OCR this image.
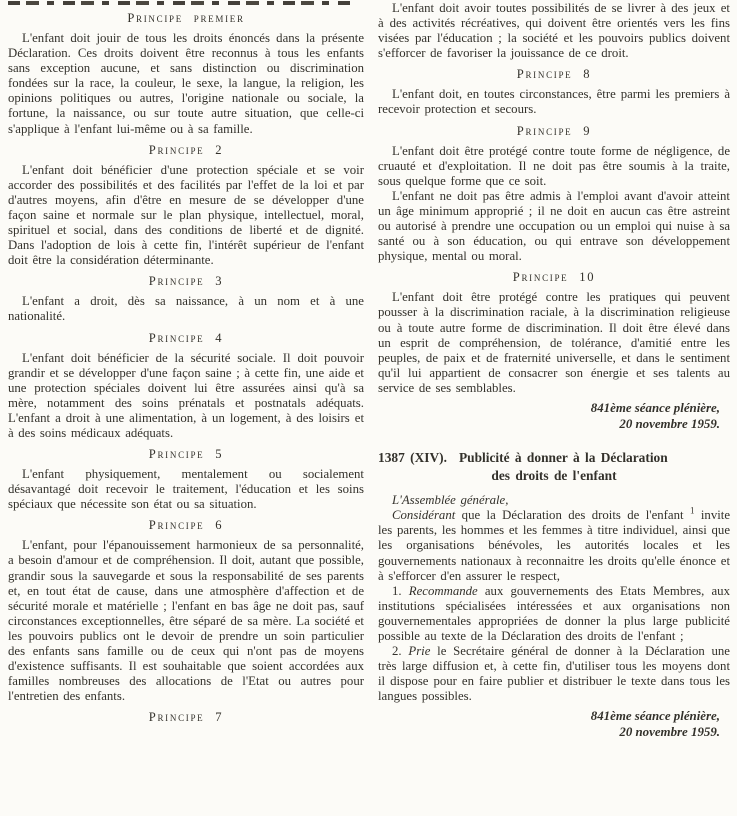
Principe premier

L'enfant doit jouir de tous les droits énoncés dans la présente Déclaration. Ces droits doivent être reconnus à tous les enfants sans exception aucune, et sans distinction ou discrimination fondées sur la race, la couleur, le sexe, la langue, la religion, les opinions politiques ou autres, l'origine nationale ou sociale, la fortune, la naissance, ou sur toute autre situation, que celle-ci s'applique à l'enfant lui-même ou à sa famille.

Principe 2

L'enfant doit bénéficier d'une protection spéciale et se voir accorder des possibilités et des facilités par l'effet de la loi et par d'autres moyens, afin d'être en mesure de se développer d'une façon saine et normale sur le plan physique, intellectuel, moral, spirituel et social, dans des conditions de liberté et de dignité. Dans l'adoption de lois à cette fin, l'intérêt supérieur de l'enfant doit être la considération déterminante.

Principe 3

L'enfant a droit, dès sa naissance, à un nom et à une nationalité.

Principe 4

L'enfant doit bénéficier de la sécurité sociale. Il doit pouvoir grandir et se développer d'une façon saine ; à cette fin, une aide et une protection spéciales doivent lui être assurées ainsi qu'à sa mère, notamment des soins prénatals et postnatals adéquats. L'enfant a droit à une alimentation, à un logement, à des loisirs et à des soins médicaux adéquats.

Principe 5

L'enfant physiquement, mentalement ou socialement désavantagé doit recevoir le traitement, l'éducation et les soins spéciaux que nécessite son état ou sa situation.

Principe 6

L'enfant, pour l'épanouissement harmonieux de sa personnalité, a besoin d'amour et de compréhension. Il doit, autant que possible, grandir sous la sauvegarde et sous la responsabilité de ses parents et, en tout état de cause, dans une atmosphère d'affection et de sécurité morale et matérielle ; l'enfant en bas âge ne doit pas, sauf circonstances exceptionnelles, être séparé de sa mère. La société et les pouvoirs publics ont le devoir de prendre un soin particulier des enfants sans famille ou de ceux qui n'ont pas de moyens d'existence suffisants. Il est souhaitable que soient accordées aux familles nombreuses des allocations de l'Etat ou autres pour l'entretien des enfants.

Principe 7

L'enfant doit avoir toutes possibilités de se livrer à des jeux et à des activités récréatives, qui doivent être orientés vers les fins visées par l'éducation ; la société et les pouvoirs publics doivent s'efforcer de favoriser la jouissance de ce droit.

Principe 8

L'enfant doit, en toutes circonstances, être parmi les premiers à recevoir protection et secours.

Principe 9

L'enfant doit être protégé contre toute forme de négligence, de cruauté et d'exploitation. Il ne doit pas être soumis à la traite, sous quelque forme que ce soit.

L'enfant ne doit pas être admis à l'emploi avant d'avoir atteint un âge minimum approprié ; il ne doit en aucun cas être astreint ou autorisé à prendre une occupation ou un emploi qui nuise à sa santé ou à son éducation, ou qui entrave son développement physique, mental ou moral.

Principe 10

L'enfant doit être protégé contre les pratiques qui peuvent pousser à la discrimination raciale, à la discrimination religieuse ou à toute autre forme de discrimination. Il doit être élevé dans un esprit de compréhension, de tolérance, d'amitié entre les peuples, de paix et de fraternité universelle, et dans le sentiment qu'il lui appartient de consacrer son énergie et ses talents au service de ses semblables.

841ème séance plénière,
20 novembre 1959.
1387 (XIV). Publicité à donner à la Déclaration
des droits de l'enfant

L'Assemblée générale,

Considérant que la Déclaration des droits de l'enfant $^1$ invite les parents, les hommes et les femmes à titre individuel, ainsi que les organisations bénévoles, les autorités locales et les gouvernements nationaux à reconnaitre les droits qu'elle énonce et à s'efforcer d'en assurer le respect,

1. Recommande aux gouvernements des Etats Membres, aux institutions spécialisées intéressées et aux organisations non gouvernementales appropriées de donner la plus large publicité possible au texte de la Déclaration des droits de l'enfant ;

2. Prie le Secrétaire général de donner à la Déclaration une très large diffusion et, à cette fin, d'utiliser tous les moyens dont il dispose pour en faire publier et distribuer le texte dans tous les langues possibles.

841ème séance plénière,
20 novembre 1959.
